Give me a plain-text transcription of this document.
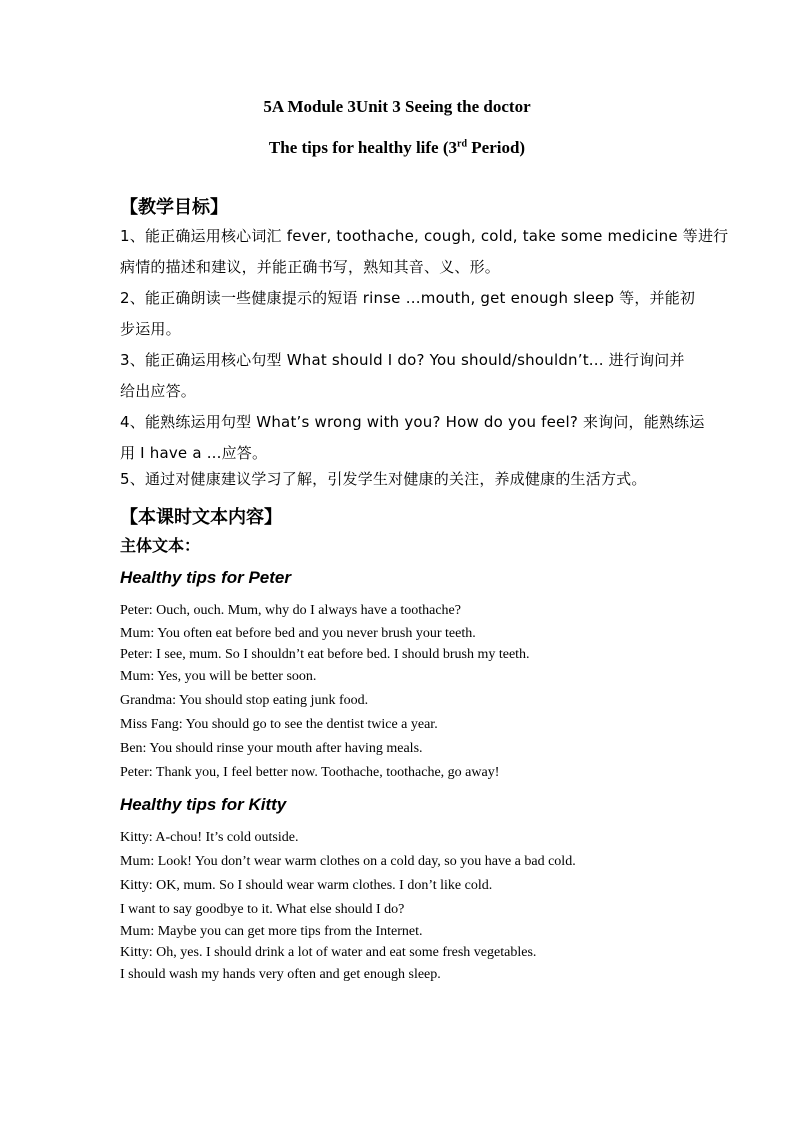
5A Module 3Unit 3 Seeing the doctor
The tips for healthy life (3rd Period)
【教学目标】
1、能正确运用核心词汇 fever, toothache, cough, cold, take some medicine 等进行
病情的描述和建议，并能正确书写，熟知其音、义、形。
2、能正确朗读一些健康提示的短语 rinse …mouth, get enough sleep 等，并能初
步运用。
3、能正确运用核心句型 What should I do? You should/shouldn’t... 进行询问并
给出应答。
4、能熟练运用句型 What’s wrong with you? How do you feel? 来询问，能熟练运
用 I have a ...应答。
5、通过对健康建议学习了解，引发学生对健康的关注，养成健康的生活方式。
【本课时文本内容】
主体文本：
Healthy tips for Peter
Peter: Ouch, ouch. Mum, why do I always have a toothache?
Mum: You often eat before bed and you never brush your teeth.
Peter: I see, mum. So I shouldn’t eat before bed. I should brush my teeth.
Mum: Yes, you will be better soon.
Grandma: You should stop eating junk food.
Miss Fang: You should go to see the dentist twice a year.
Ben: You should rinse your mouth after having meals.
Peter: Thank you, I feel better now. Toothache, toothache, go away!
Healthy tips for Kitty
Kitty: A-chou! It’s cold outside.
Mum: Look! You don’t wear warm clothes on a cold day, so you have a bad cold.
Kitty: OK, mum. So I should wear warm clothes. I don’t like cold.
I want to say goodbye to it. What else should I do?
Mum: Maybe you can get more tips from the Internet.
Kitty: Oh, yes. I should drink a lot of water and eat some fresh vegetables.
I should wash my hands very often and get enough sleep.
